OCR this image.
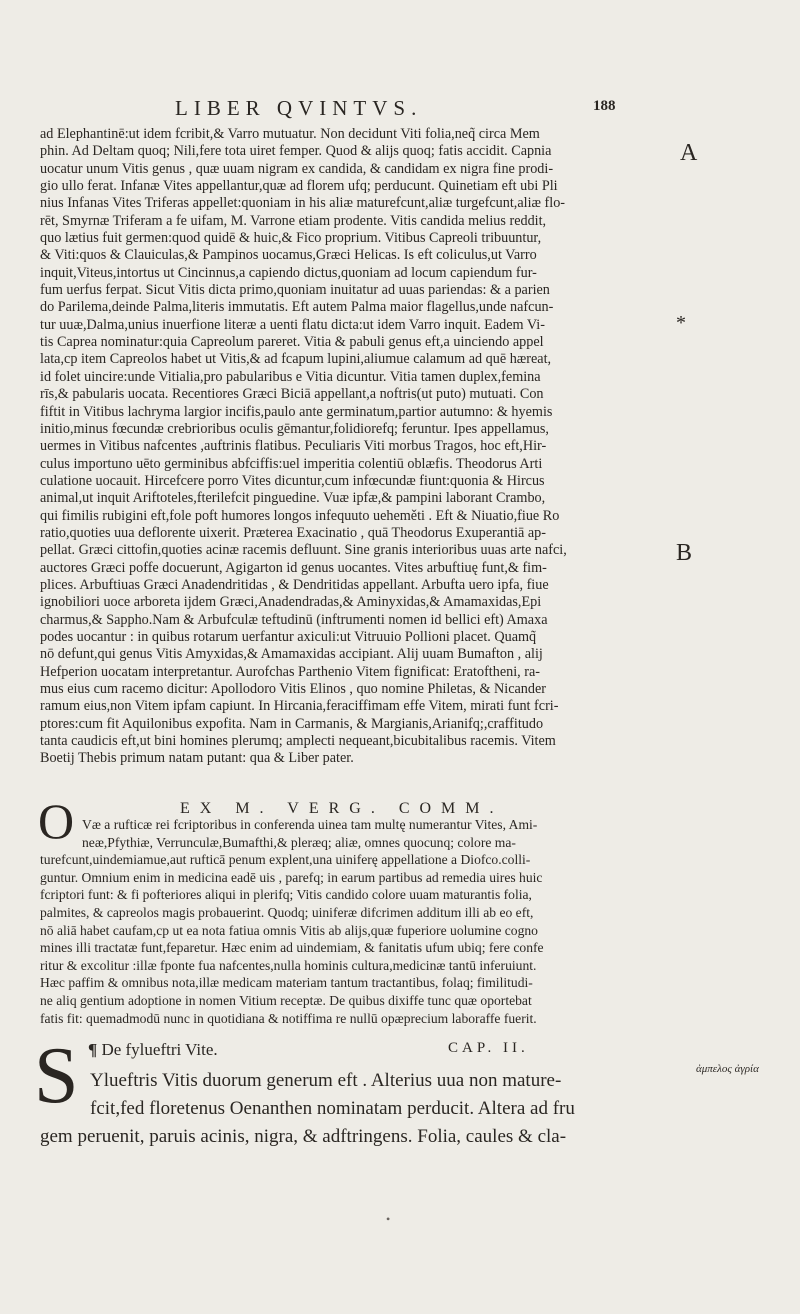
LIBER QVINTVS.	188
ad Elephantinē:ut idem fcribit,& Varro mutuatur. Non decidunt Viti folia,neq̃ circa Mem
phin. Ad Deltam quoq; Nili,fere tota uiret femper. Quod & alijs quoq; fatis accidit. Capnia
uocatur unum Vitis genus , quæ uuam nigram ex candida, & candidam ex nigra fine prodi-
gio ullo ferat. Infanæ Vites appellantur,quæ ad florem ufq; perducunt. Quinetiam eft ubi Pli
nius Infanas Vites Triferas appellet:quoniam in his aliæ maturefcunt,aliæ turgefcunt,aliæ flo-
rēt, Smyrnæ Triferam a fe uifam, M. Varrone etiam prodente. Vitis candida melius reddit,
quo lætius fuit germen:quod quidē & huic,& Fico proprium. Vitibus Capreoli tribuuntur,
& Viti:quos & Clauiculas,& Pampinos uocamus,Græci Helicas. Is eft coliculus,ut Varro
inquit,Viteus,intortus ut Cincinnus,a capiendo dictus,quoniam ad locum capiendum fur-
fum uerfus ferpat. Sicut Vitis dicta primo,quoniam inuitatur ad uuas pariendas: & a parien
do Parilema,deinde Palma,literis immutatis. Eft autem Palma maior flagellus,unde nafcun-
tur uuæ,Dalma,unius inuerfione literæ a uenti flatu dicta:ut idem Varro inquit. Eadem Vi-
tis Caprea nominatur:quia Capreolum pareret. Vitia & pabuli genus eft,a uinciendo appel
lata,cp item Capreolos habet ut Vitis,& ad fcapum lupini,aliumue calamum ad quē hæreat,
id folet uincire:unde Vitialia,pro pabularibus e Vitia dicuntur. Vitia tamen duplex,femina
rīs,& pabularis uocata. Recentiores Græci Biciā appellant,a noftris(ut puto) mutuati. Con
fiftit in Vitibus lachryma largior incifis,paulo ante germinatum,partior autumno: & hyemis
initio,minus fœcundæ crebrioribus oculis gēmantur,folidiorefq; feruntur. Ipes appellamus,
uermes in Vitibus nafcentes ,auftrinis flatibus. Peculiaris Viti morbus Tragos, hoc eft,Hir-
culus importuno uēto germinibus abfciffis:uel imperitia colentiū oblæfis. Theodorus Arti
culatione uocauit. Hircefcere porro Vites dicuntur,cum infœcundæ fiunt:quonia & Hircus
animal,ut inquit Ariftoteles,fterilefcit pinguedine. Vuæ ipfæ,& pampini laborant Crambo,
qui fimilis rubigini eft,fole poft humores longos infequuto ueheměti . Eft & Niuatio,fiue Ro
ratio,quoties uua deflorente uixerit. Prætereа Exacinatio , quā Theodorus Exuperantiā ap-
pellat. Græci cittofin,quoties acinæ racemis defluunt. Sine granis interioribus uuas arte nafci,
auctores Græci poffe docuerunt, Agigarton id genus uocantes. Vites arbuftiuę funt,& fim-
plices. Arbuftiuas Græci Anadendritidas , & Dendritidas appellant. Arbufta uero ipfa, fiue
ignobiliori uoce arboreta ijdem Græci,Anadendradas,& Aminyxidas,& Amamaxidas,Epi
charmus,& Sappho.Nam & Arbufculæ teftudinū (inftrumenti nomen id bellici eft) Amaxa
podes uocantur : in quibus rotarum uerfantur axiculi:ut Vitruuio Pollioni placet. Quamq̃
nō defunt,qui genus Vitis Amyxidas,& Amamaxidas accipiant. Alij uuam Bumafton , alij
Hefperion uocatam interpretantur. Aurofchas Parthenio Vitem fignificat: Eratoftheni, ra-
mus eius cum racemo dicitur: Apollodoro Vitis Elinos , quo nomine Philetas, & Nicander
ramum eius,non Vitem ipfam capiunt. In Hircania,feraciffimam effe Vitem, mirati funt fcri-
ptores:cum fit Aquilonibus expofita. Nam in Carmanis, & Margianis,Arianifq;,craffitudo
tanta caudicis eft,ut bini homines plerumq; amplecti nequeant,bicubitalibus racemis. Vitem
Boetij Thebis primum natam putant: qua & Liber pater.
O	EX M. VERG. COMM.
Væ a rufticæ rei fcriptoribus in conferenda uinea tam multę numerantur Vites, Ami-
neæ,Pfythiæ, Verrunculæ,Bumafthi,& pleræq; aliæ, omnes quocunq; colore ma-
turefcunt,uindemiamue,aut rufticā penum explent,una uiniferę appellatione a Diofco.colli-
guntur. Omnium enim in medicina eadē uis , parefq; in earum partibus ad remedia uires huic
fcriptori funt: & fi pofteriores aliqui in plerifq; Vitis candido colore uuam maturantis folia,
palmites, & capreolos magis probauerint. Quodq; uiniferæ difcrimen additum illi ab eo eft,
nō aliā habet caufam,cp ut ea nota fatiua omnis Vitis ab alijs,quæ fuperiore uolumine cogno
mines illi tractatæ funt,feparetur. Hæc enim ad uindemiam, & fanitatis ufum ubiq; fere confe
ritur & excolitur :illæ fponte fua nafcentes,nulla hominis cultura,medicinæ tantū inferuiunt.
Hæc paffim & omnibus nota,illæ medicam materiam tantum tractantibus, folaq; fimilitudi-
ne aliq gentium adoptione in nomen Vitium receptæ. De quibus dixiffe tunc quæ oportebat
fatis fit: quemadmodū nunc in quotidiana & notiffima re nullū opæprecium laboraffe fuerit.
¶ De fylueftri Vite.	CAP. II.
S Ylueftris Vitis duorum generum eft . Alterius uua non mature-
fcit,fed floretenus Oenanthen nominatam perducit. Altera ad fru
gem peruenit, paruis acinis, nigra, & adftringens. Folia, caules & cla-
A
*
B
ἀμπελος ἀγρία
•
